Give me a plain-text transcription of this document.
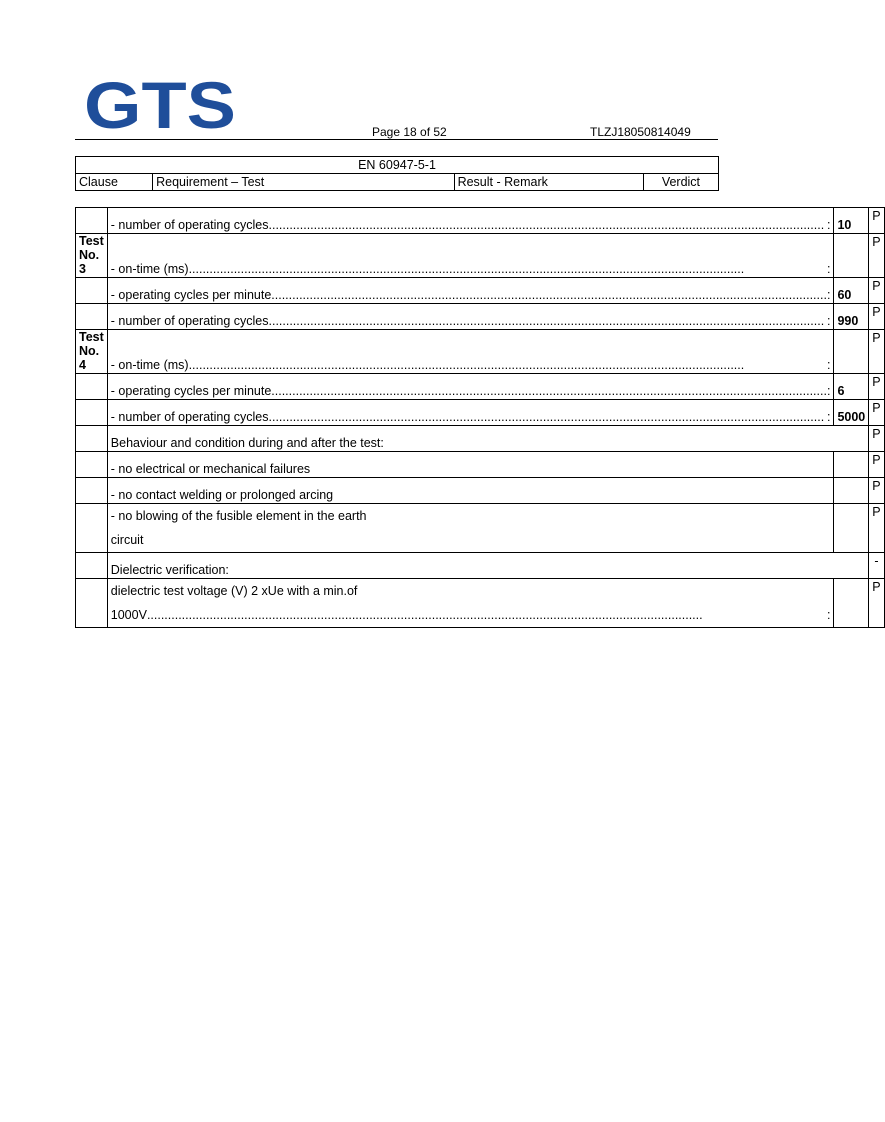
GTS	Page 18 of 52	TLZJ18050814049
EN 60947-5-1
Clause	Requirement – Test	Result - Remark	Verdict

	- number of operating cycles ..... :	10	P
Test No. 3	- on-time (ms) ..... :		P

	- operating cycles per minute ..... :	60	P

	- number of operating cycles ..... :	990	P
Test No. 4	- on-time (ms) ..... :		P

	- operating cycles per minute ..... :	6	P

	- number of operating cycles ..... :	5000	P
	Behaviour and condition during and after the test:		P
	- no electrical or mechanical failures		P
	- no contact welding or prolonged arcing		P

	- no blowing of the fusible element in the earth
circuit		P
	Dielectric verification:		-

	dielectric test voltage (V) 2 xUe with a min.of
1000V ..... :		P
